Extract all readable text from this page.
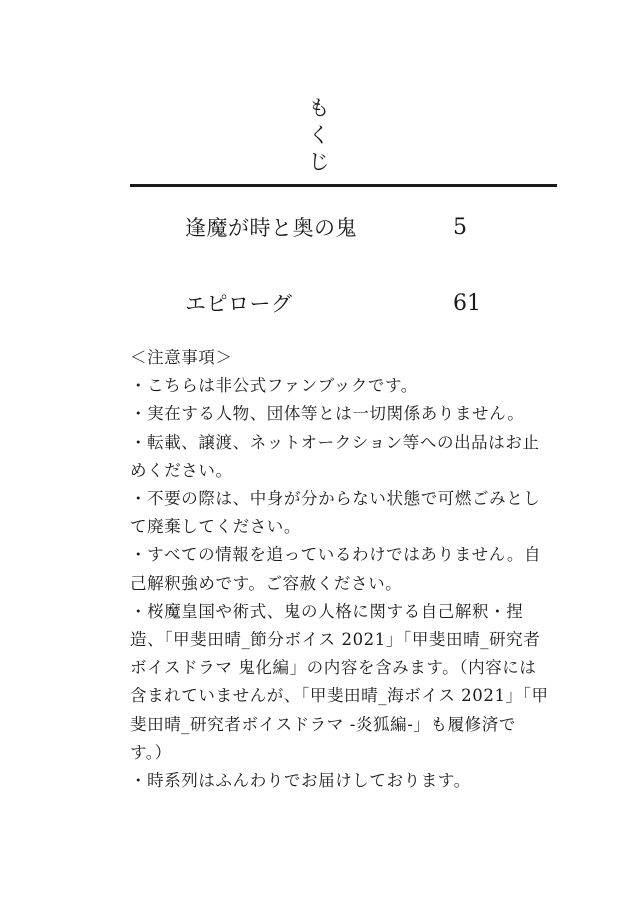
も
く
じ
逢魔が時と奥の鬼	5
エピローグ	61
＜注意事項＞
・こちらは非公式ファンブックです。
・実在する人物、団体等とは一切関係ありません。
・転載、譲渡、ネットオークション等への出品はお止
めください。
・不要の際は、中身が分からない状態で可燃ごみとし
て廃棄してください。
・すべての情報を追っているわけではありません。自
己解釈強めです。ご容赦ください。
・桜魔皇国や術式、鬼の人格に関する自己解釈・捏
造、「甲斐田晴_節分ボイス 2021」「甲斐田晴_研究者
ボイスドラマ 鬼化編」の内容を含みます。（内容には
含まれていませんが、「甲斐田晴_海ボイス 2021」「甲
斐田晴_研究者ボイスドラマ -炎狐編-」も履修済で
す。）
・時系列はふんわりでお届けしております。
